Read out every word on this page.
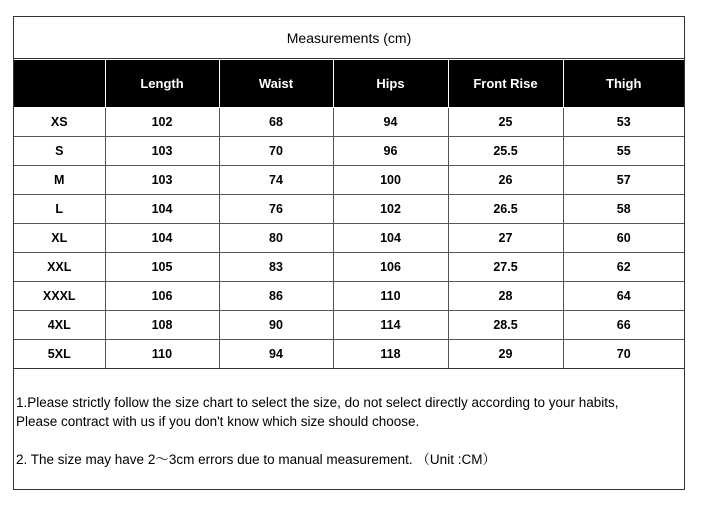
Measurements (cm)
	Length	Waist	Hips	Front Rise	Thigh
XS	102	68	94	25	53
S	103	70	96	25.5	55
M	103	74	100	26	57
L	104	76	102	26.5	58
XL	104	80	104	27	60
XXL	105	83	106	27.5	62
XXXL	106	86	110	28	64
4XL	108	90	114	28.5	66
5XL	110	94	118	29	70

1.Please strictly follow the size chart to select the size, do not select directly according to your habits,

Please contract with us if you don't know which size should choose.

2. The size may have 2～3cm errors due to manual measurement. （Unit :CM）
